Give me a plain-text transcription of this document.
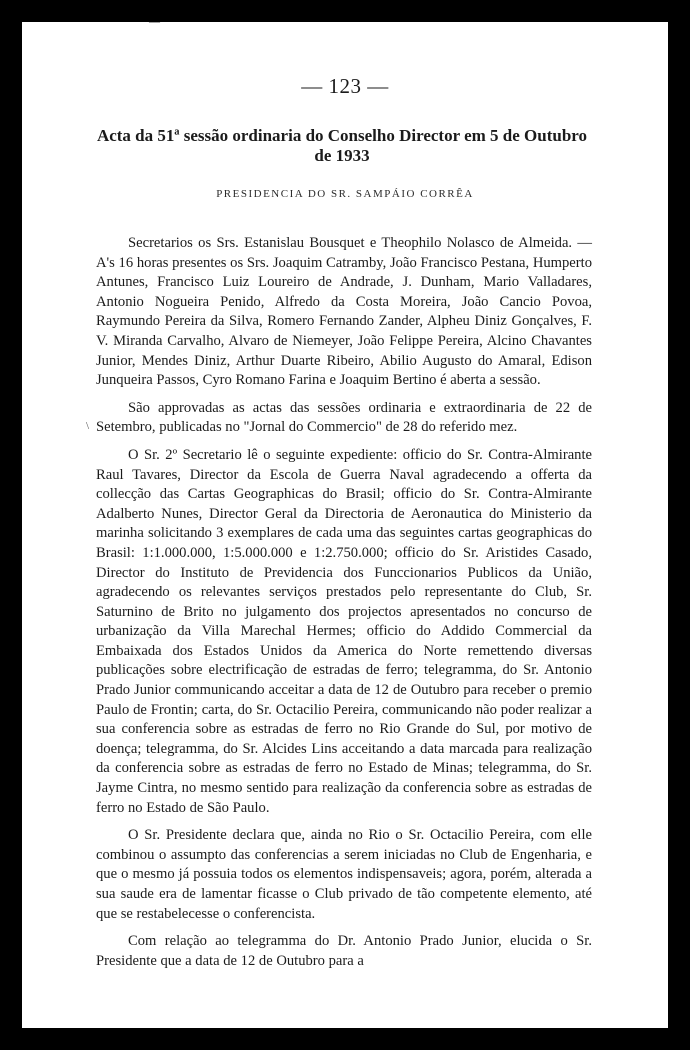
—
— 123 —
Acta da 51ª sessão ordinaria do Conselho Director em 5 de Outubro de 1933
PRESIDENCIA DO SR. SAMPÁIO CORRÊA
\

Secretarios os Srs. Estanislau Bousquet e Theophilo Nolasco de Almeida. — A's 16 horas presentes os Srs. Joaquim Catramby, João Francisco Pestana, Humperto Antunes, Francisco Luiz Loureiro de Andrade, J. Dunham, Mario Valladares, Antonio Nogueira Penido, Alfredo da Costa Moreira, João Cancio Povoa, Raymundo Pereira da Silva, Romero Fernando Zander, Alpheu Diniz Gonçalves, F. V. Miranda Carvalho, Alvaro de Niemeyer, João Felippe Pereira, Alcino Chavantes Junior, Mendes Diniz, Arthur Duarte Ribeiro, Abilio Augusto do Amaral, Edison Junqueira Passos, Cyro Romano Farina e Joaquim Bertino é aberta a sessão.

São approvadas as actas das sessões ordinaria e extraordinaria de 22 de Setembro, publicadas no "Jornal do Commercio" de 28 do referido mez.

O Sr. 2º Secretario lê o seguinte expediente: officio do Sr. Contra-Almirante Raul Tavares, Director da Escola de Guerra Naval agradecendo a offerta da collecção das Cartas Geographicas do Brasil; officio do Sr. Contra-Almirante Adalberto Nunes, Director Geral da Directoria de Aeronautica do Ministerio da marinha solicitando 3 exemplares de cada uma das seguintes cartas geographicas do Brasil: 1:1.000.000, 1:5.000.000 e 1:2.750.000; officio do Sr. Aristides Casado, Director do Instituto de Previdencia dos Funccionarios Publicos da União, agradecendo os relevantes serviços prestados pelo representante do Club, Sr. Saturnino de Brito no julgamento dos projectos apresentados no concurso de urbanização da Villa Marechal Hermes; officio do Addido Commercial da Embaixada dos Estados Unidos da America do Norte remettendo diversas publicações sobre electrificação de estradas de ferro; telegramma, do Sr. Antonio Prado Junior communicando acceitar a data de 12 de Outubro para receber o premio Paulo de Frontin; carta, do Sr. Octacilio Pereira, communicando não poder realizar a sua conferencia sobre as estradas de ferro no Rio Grande do Sul, por motivo de doença; telegramma, do Sr. Alcides Lins acceitando a data marcada para realização da conferencia sobre as estradas de ferro no Estado de Minas; telegramma, do Sr. Jayme Cintra, no mesmo sentido para realização da conferencia sobre as estradas de ferro no Estado de São Paulo.

O Sr. Presidente declara que, ainda no Rio o Sr. Octacilio Pereira, com elle combinou o assumpto das conferencias a serem iniciadas no Club de Engenharia, e que o mesmo já possuia todos os elementos indispensaveis; agora, porém, alterada a sua saude era de lamentar ficasse o Club privado de tão competente elemento, até que se restabelecesse o conferencista.

Com relação ao telegramma do Dr. Antonio Prado Junior, elucida o Sr. Presidente que a data de 12 de Outubro para a
